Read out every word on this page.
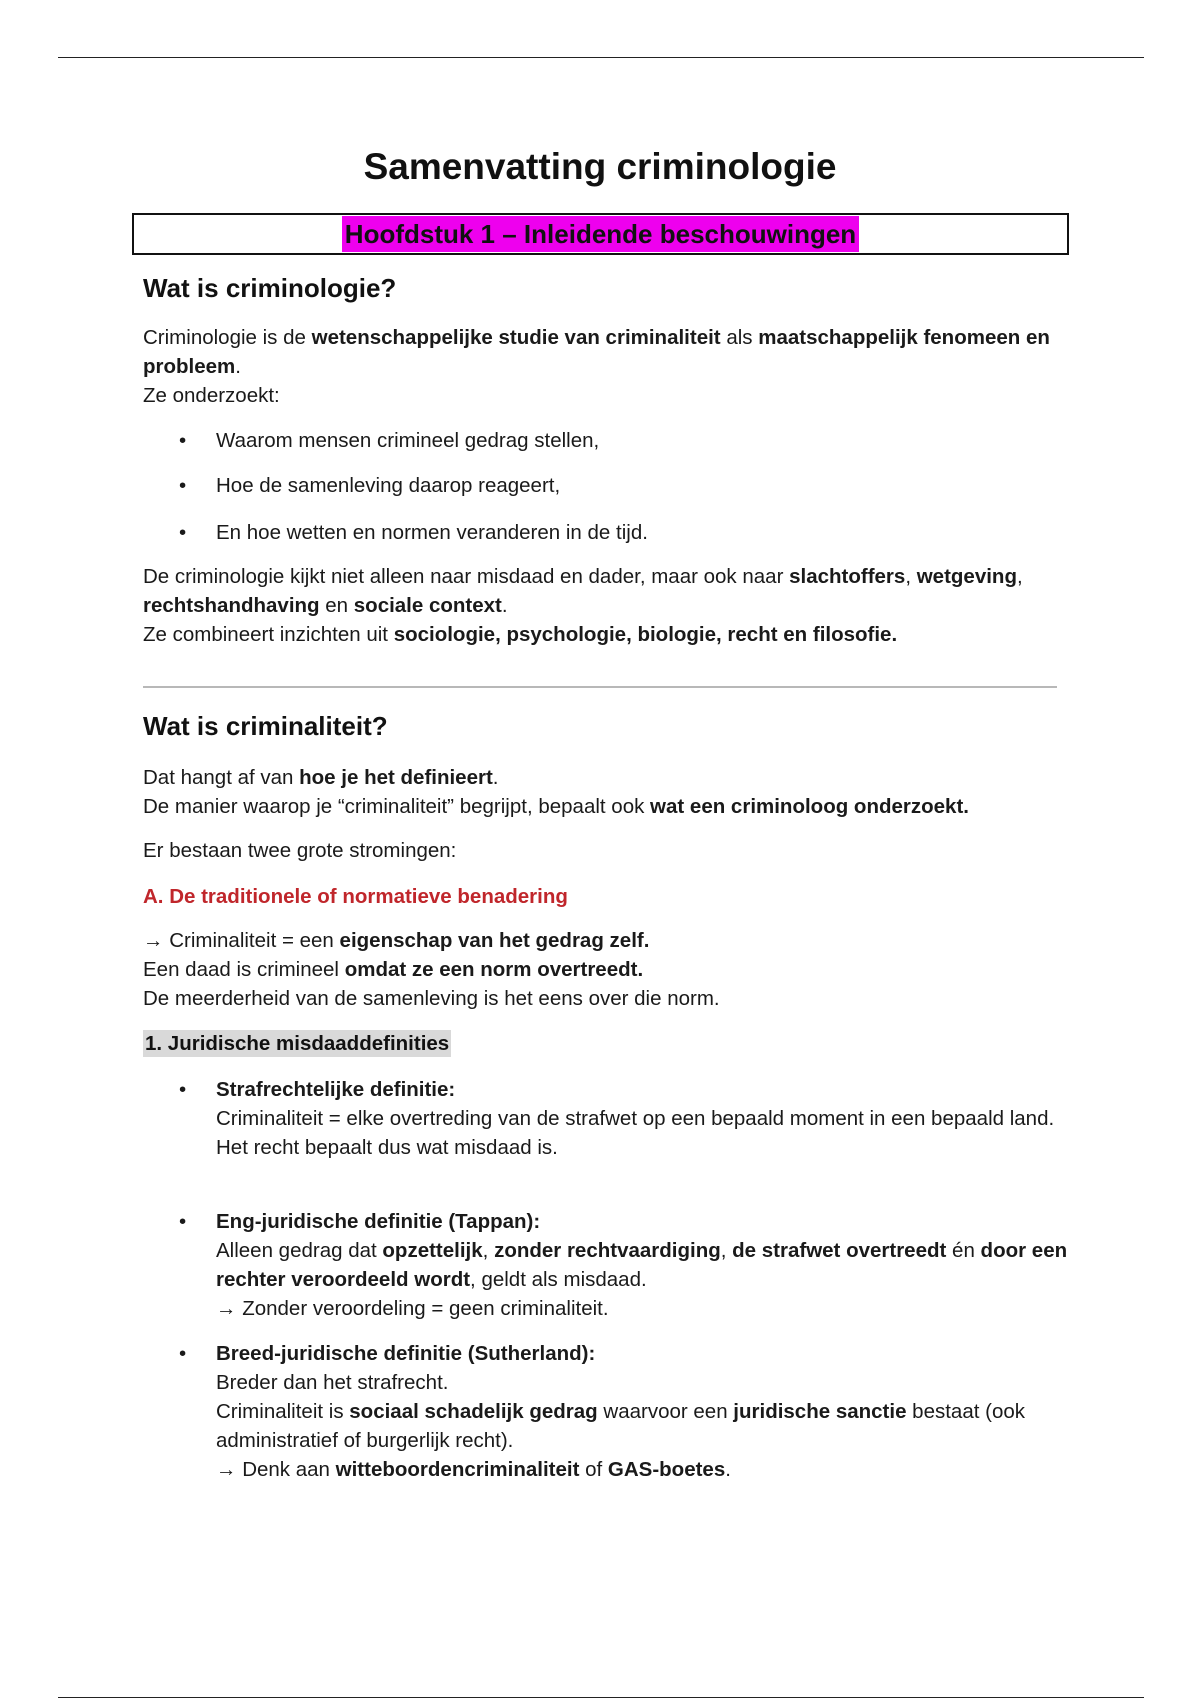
Samenvatting criminologie
Hoofdstuk 1 – Inleidende beschouwingen
Wat is criminologie?

Criminologie is de wetenschappelijke studie van criminaliteit als maatschappelijk fenomeen en probleem.
Ze onderzoekt:

• Waarom mensen crimineel gedrag stellen,
• Hoe de samenleving daarop reageert,
• En hoe wetten en normen veranderen in de tijd.

De criminologie kijkt niet alleen naar misdaad en dader, maar ook naar slachtoffers, wetgeving, rechtshandhaving en sociale context.
Ze combineert inzichten uit sociologie, psychologie, biologie, recht en filosofie.

Wat is criminaliteit?

Dat hangt af van hoe je het definieert.
De manier waarop je “criminaliteit” begrijpt, bepaalt ook wat een criminoloog onderzoekt.

Er bestaan twee grote stromingen:

A. De traditionele of normatieve benadering

→ Criminaliteit = een eigenschap van het gedrag zelf.
Een daad is crimineel omdat ze een norm overtreedt.
De meerderheid van de samenleving is het eens over die norm.

1. Juridische misdaaddefinities

• Strafrechtelijke definitie:
Criminaliteit = elke overtreding van de strafwet op een bepaald moment in een bepaald land.
Het recht bepaalt dus wat misdaad is.
• Eng-juridische definitie (Tappan):
Alleen gedrag dat opzettelijk, zonder rechtvaardiging, de strafwet overtreedt én door een rechter veroordeeld wordt, geldt als misdaad.
→ Zonder veroordeling = geen criminaliteit.
• Breed-juridische definitie (Sutherland):
Breder dan het strafrecht.
Criminaliteit is sociaal schadelijk gedrag waarvoor een juridische sanctie bestaat (ook administratief of burgerlijk recht).
→ Denk aan witteboordencriminaliteit of GAS-boetes.
